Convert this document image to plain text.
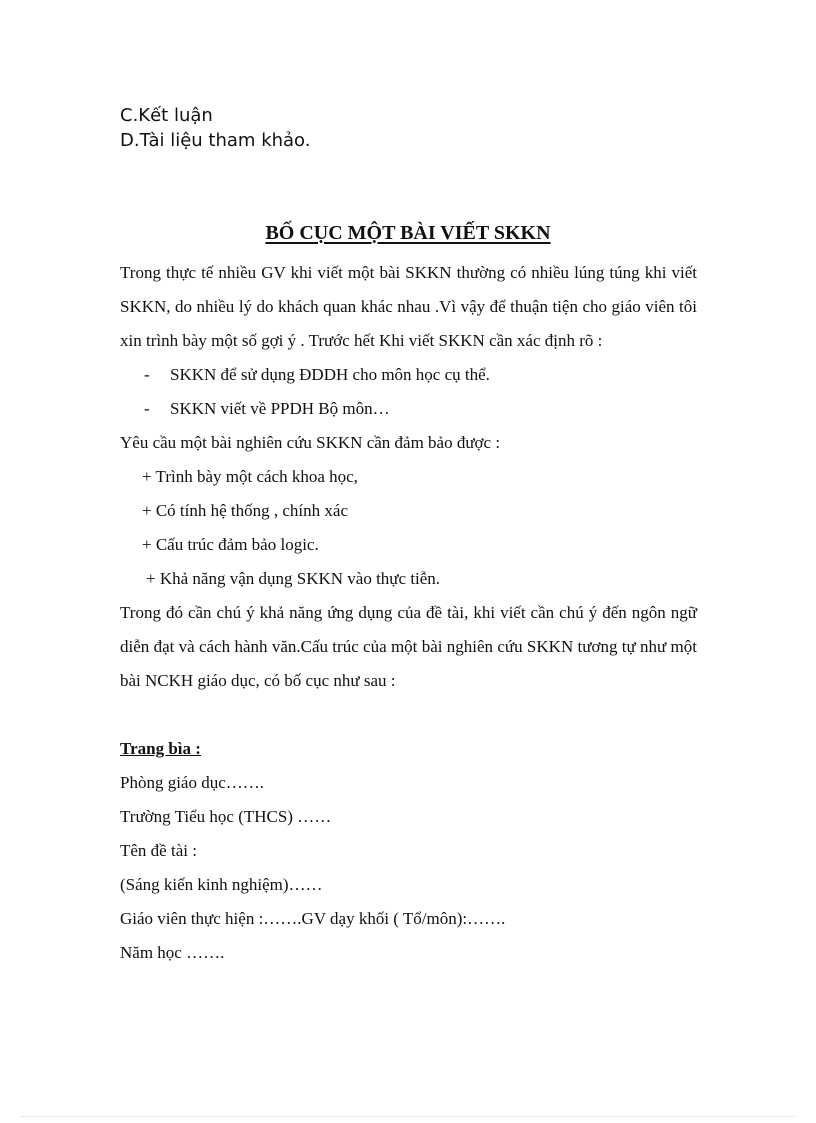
C.Kết luận
D.Tài liệu tham khảo.
BỐ CỤC MỘT BÀI VIẾT SKKN

Trong thực tế nhiều GV khi viết một bài SKKN thường có nhiều lúng túng khi viết SKKN, do nhiều lý do khách quan khác nhau .Vì vậy để thuận tiện cho giáo viên tôi xin trình bày một số gợi ý . Trước hết Khi viết SKKN cần xác định rõ :

- SKKN để sử dụng ĐDDH cho môn học cụ thể.
- SKKN viết về PPDH Bộ môn…

Yêu cầu một bài nghiên cứu SKKN cần đảm bảo được :

+ Trình bày một cách khoa học,
+ Có tính hệ thống , chính xác
+ Cấu trúc đảm bảo logic.
+ Khả năng vận dụng SKKN vào thực tiễn.

Trong đó cần chú ý khả năng ứng dụng của đề tài, khi viết cần chú ý đến ngôn ngữ diễn đạt và cách hành văn.Cấu trúc của một bài nghiên cứu SKKN tương tự như một bài NCKH giáo dục, có bố cục như sau :

Trang bìa :
Phòng giáo dục…….
Trường Tiểu học (THCS) ……
Tên đề tài :
(Sáng kiến kinh nghiệm)……
Giáo viên thực hiện :…….GV dạy khối ( Tổ/môn):…….
Năm học …….
